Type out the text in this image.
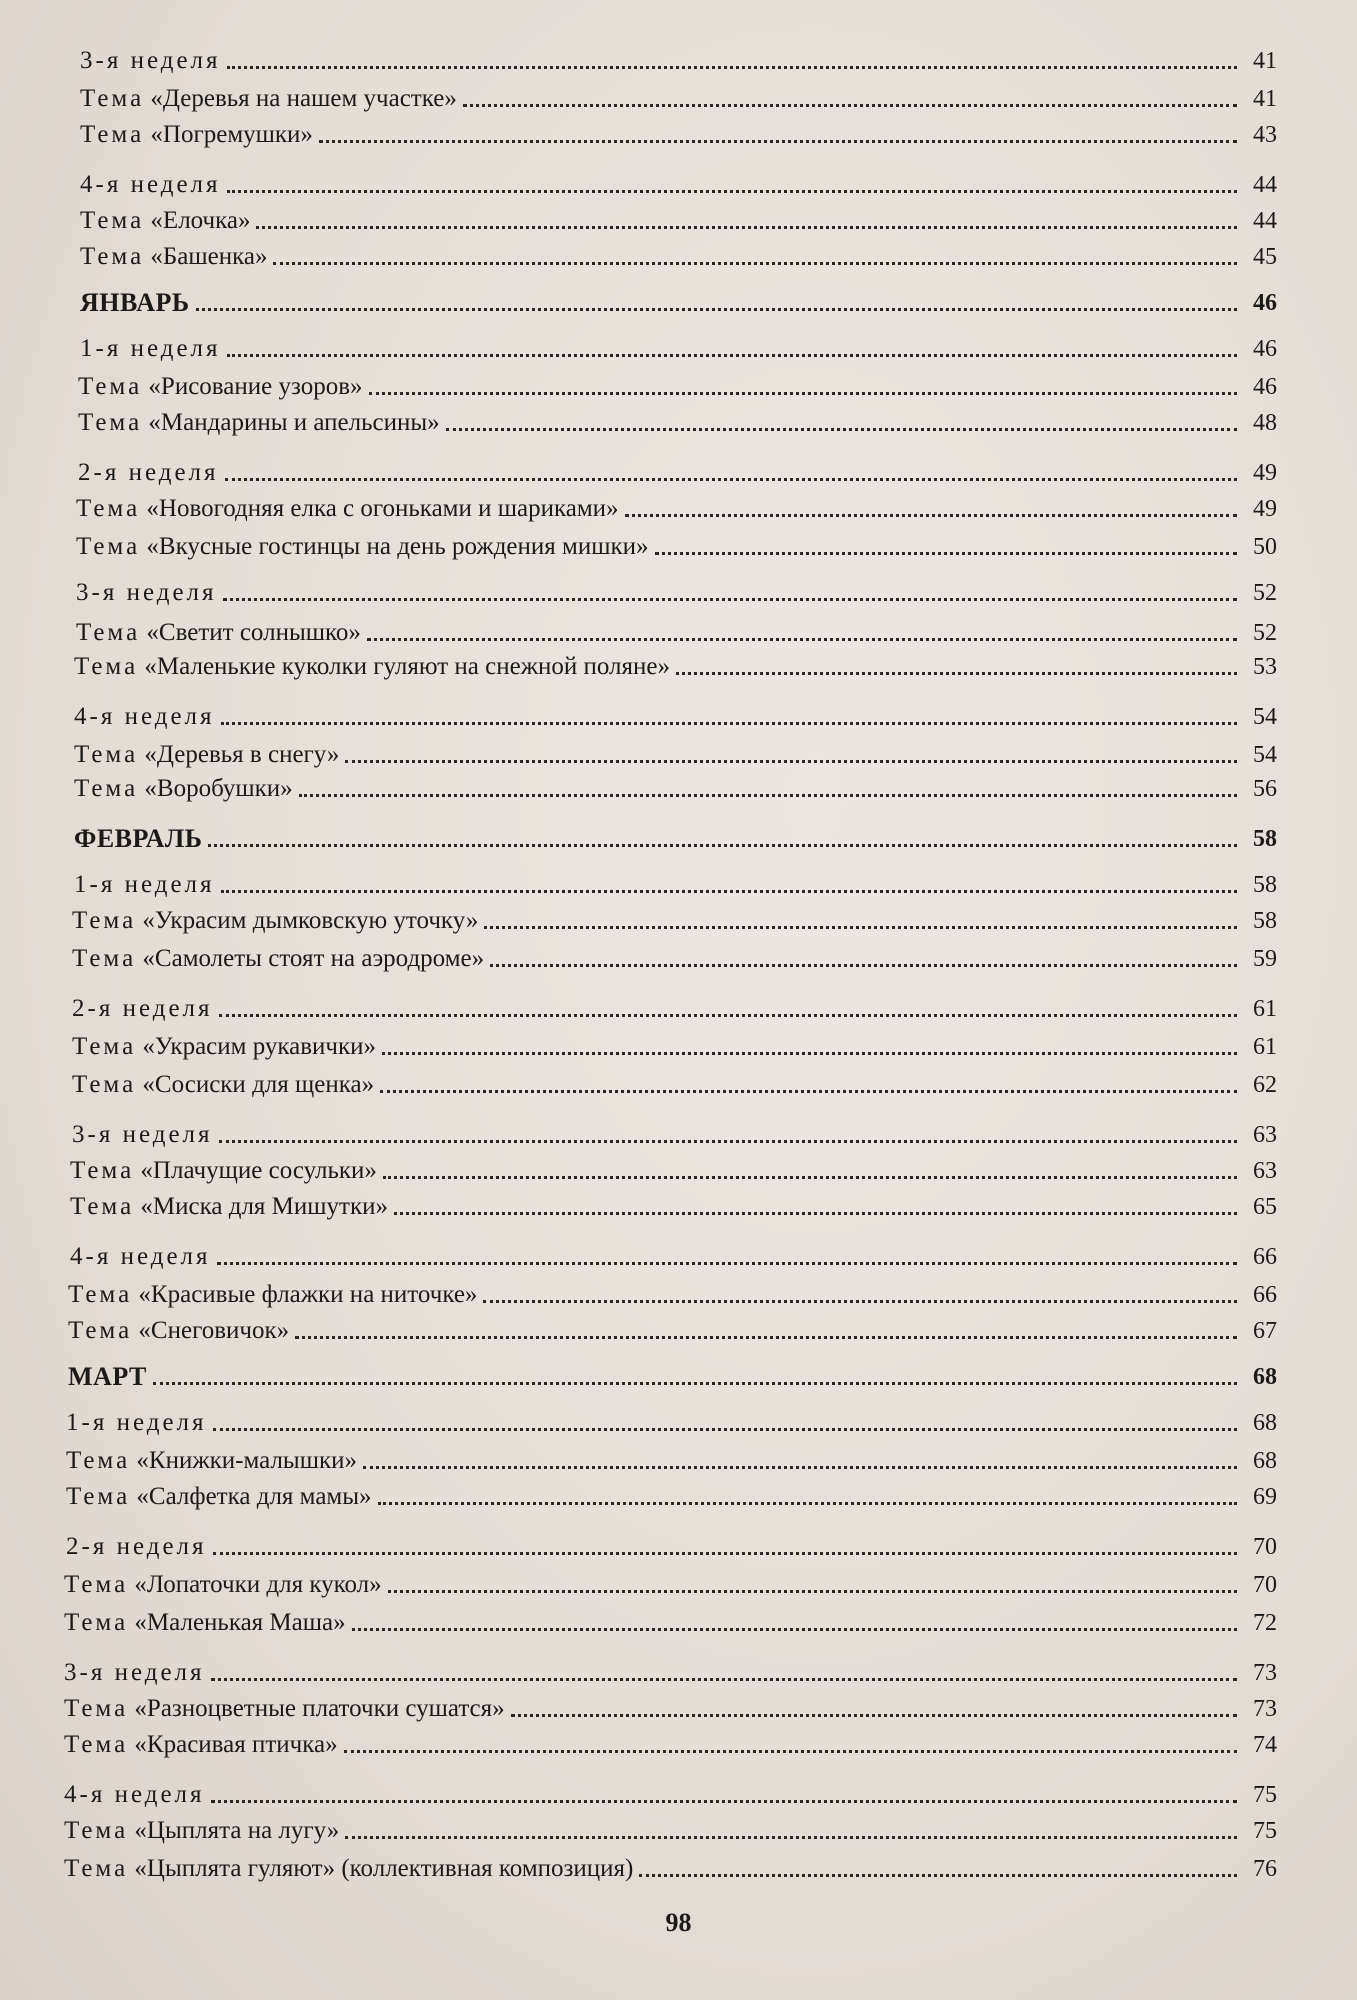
3-я неделя	41
Тема «Деревья на нашем участке»	41
Тема «Погремушки»	43
4-я неделя	44
Тема «Елочка»	44
Тема «Башенка»	45
ЯНВАРЬ	46
1-я неделя	46
Тема «Рисование узоров»	46
Тема «Мандарины и апельсины»	48
2-я неделя	49
Тема «Новогодняя елка с огоньками и шариками»	49
Тема «Вкусные гостинцы на день рождения мишки»	50
3-я неделя	52
Тема «Светит солнышко»	52
Тема «Маленькие куколки гуляют на снежной поляне»	53
4-я неделя	54
Тема «Деревья в снегу»	54
Тема «Воробушки»	56
ФЕВРАЛЬ	58
1-я неделя	58
Тема «Украсим дымковскую уточку»	58
Тема «Самолеты стоят на аэродроме»	59
2-я неделя	61
Тема «Украсим рукавички»	61
Тема «Сосиски для щенка»	62
3-я неделя	63
Тема «Плачущие сосульки»	63
Тема «Миска для Мишутки»	65
4-я неделя	66
Тема «Красивые флажки на ниточке»	66
Тема «Снеговичок»	67
МАРТ	68
1-я неделя	68
Тема «Книжки-малышки»	68
Тема «Салфетка для мамы»	69
2-я неделя	70
Тема «Лопаточки для кукол»	70
Тема «Маленькая Маша»	72
3-я неделя	73
Тема «Разноцветные платочки сушатся»	73
Тема «Красивая птичка»	74
4-я неделя	75
Тема «Цыплята на лугу»	75
Тема «Цыплята гуляют» (коллективная композиция)	76
98
